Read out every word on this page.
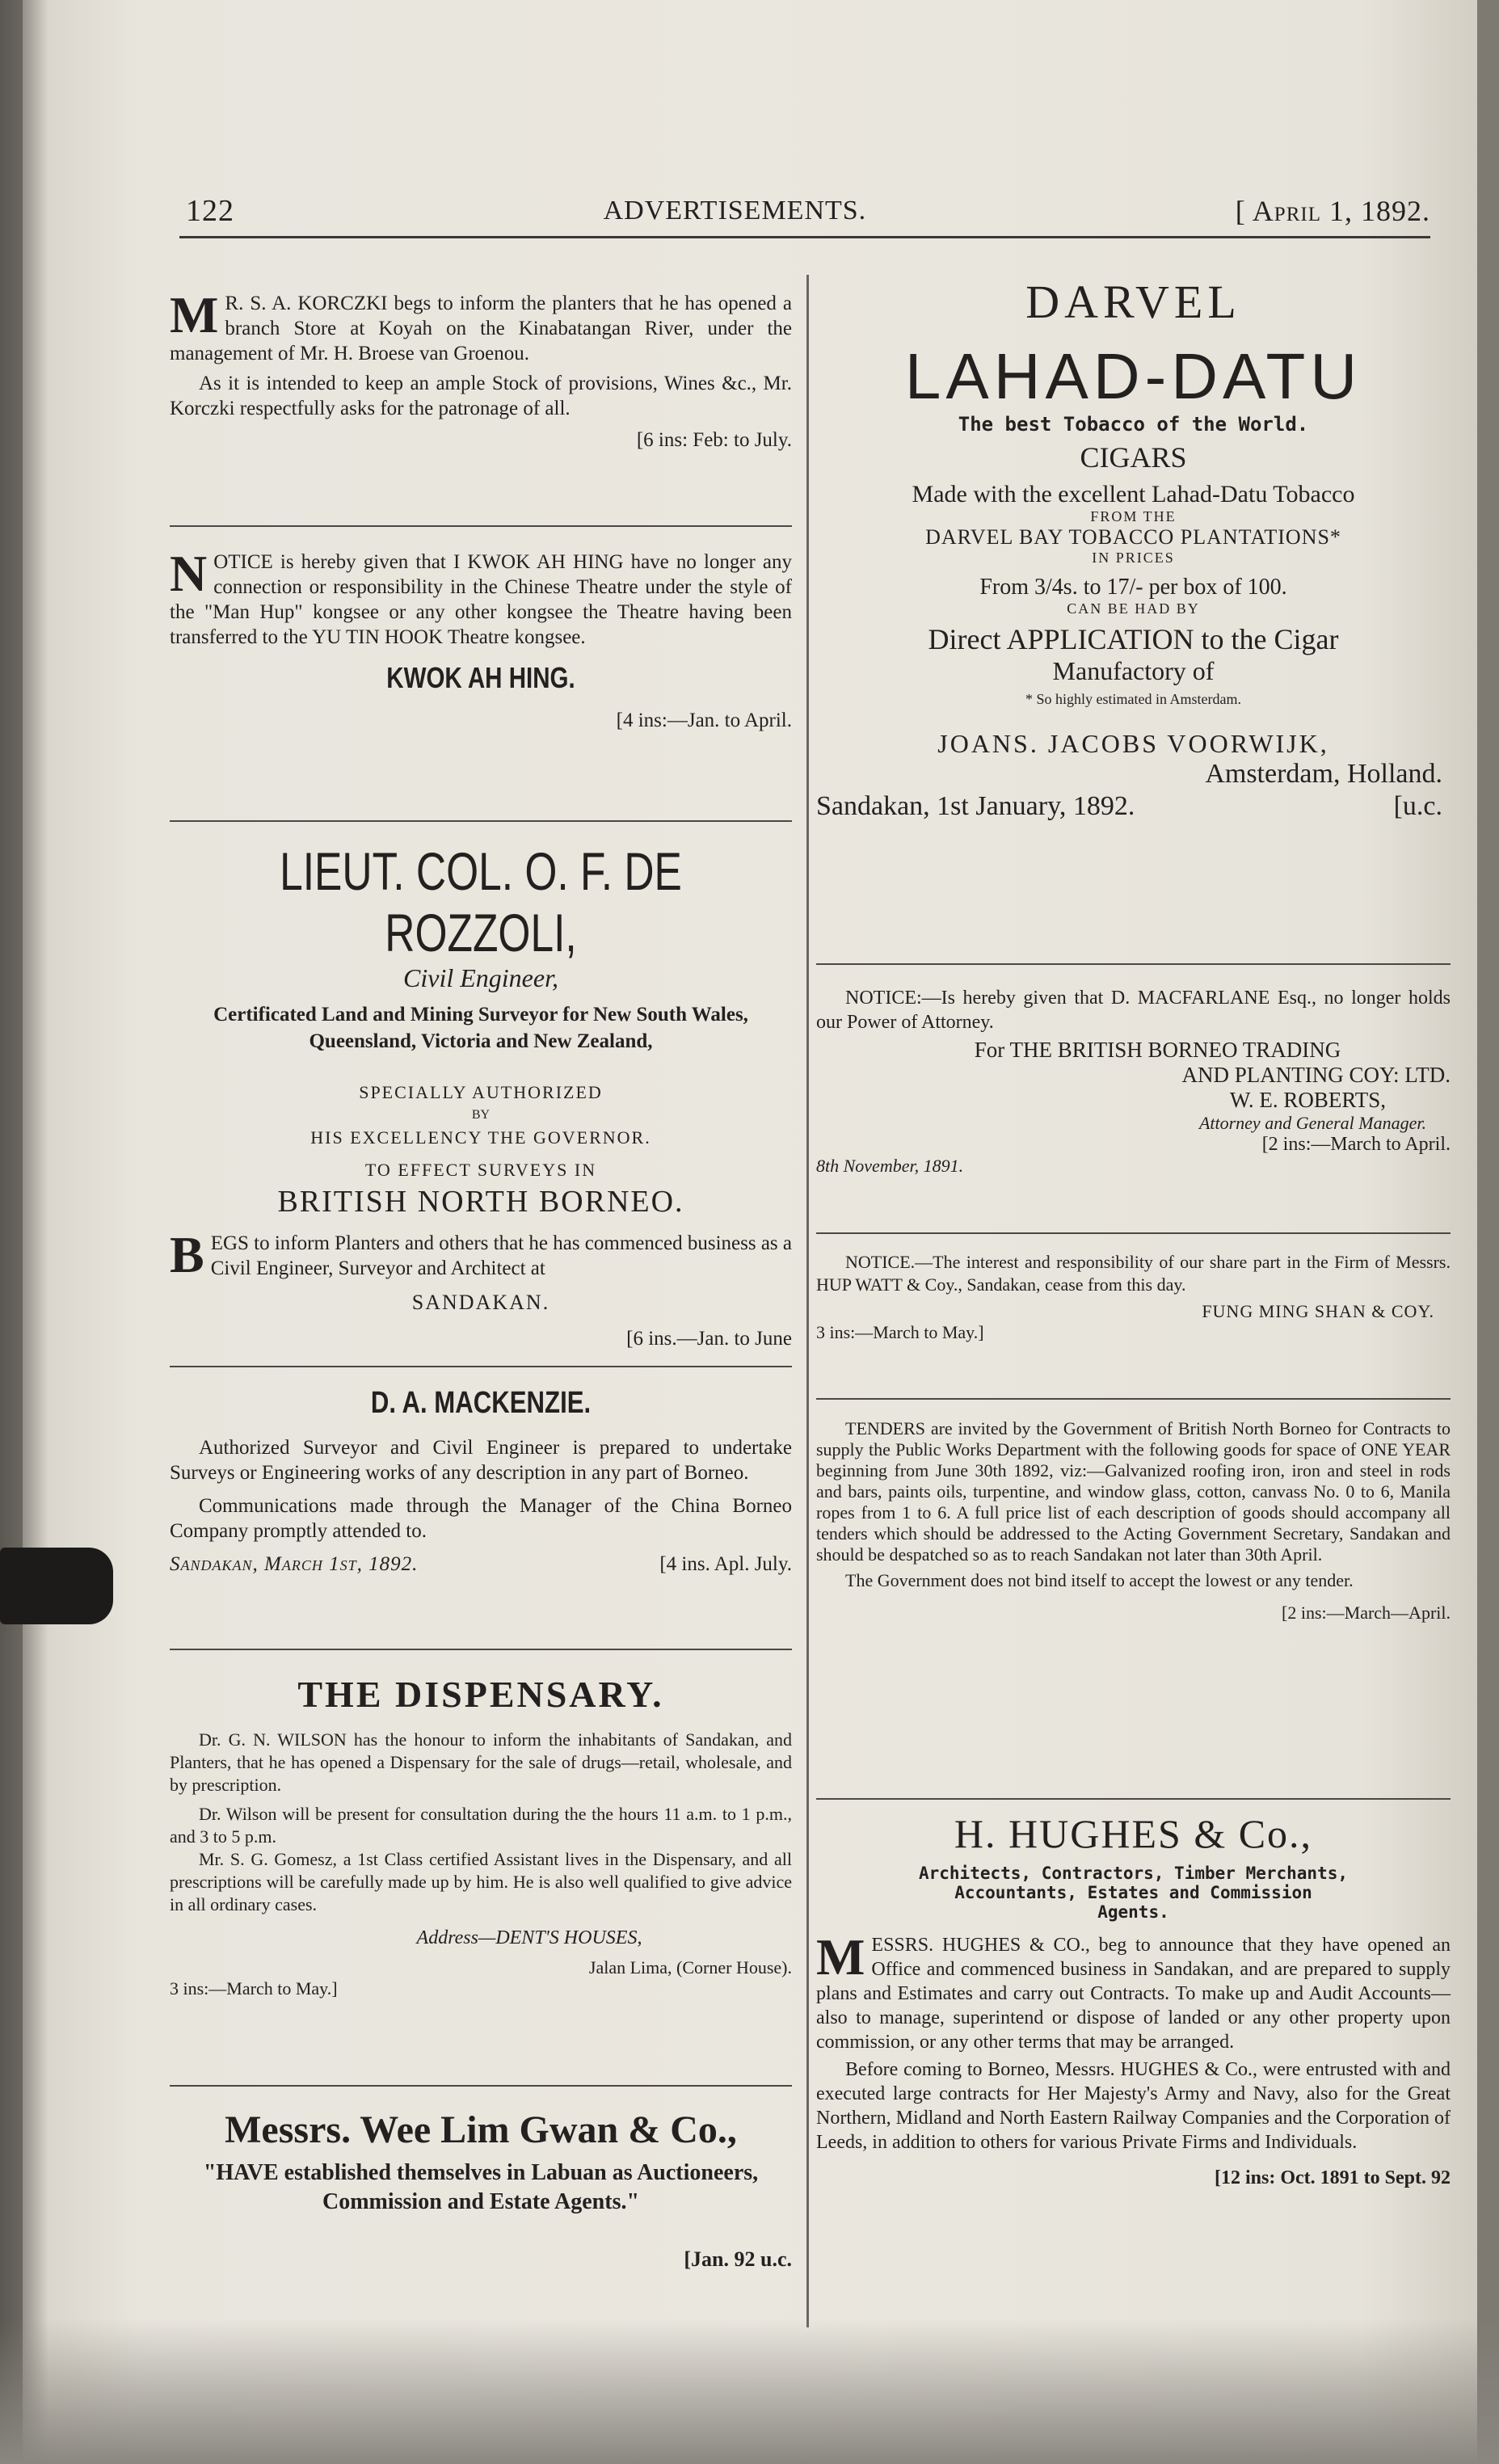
122	ADVERTISEMENTS.	[ April 1, 1892.

M R. S. A. KORCZKI begs to inform the planters that he has opened a branch Store at Koyah on the Kinabatangan River, under the management of Mr. H. Broese van Groenou.

As it is intended to keep an ample Stock of provisions, Wines &c., Mr. Korczki respectfully asks for the patronage of all.

[6 ins: Feb: to July.

NOTICE is hereby given that I KWOK AH HING have no longer any connection or responsibility in the Chinese Theatre under the style of the "Man Hup" kongsee or any other kongsee the Theatre having been transferred to the YU TIN HOOK Theatre kongsee.

KWOK AH HING.

[4 ins:—Jan. to April.

LIEUT. COL. O. F. DE ROZZOLI,

Civil Engineer,

Certificated Land and Mining Surveyor for New South Wales, Queensland, Victoria and New Zealand,

SPECIALLY AUTHORIZED

BY

HIS EXCELLENCY THE GOVERNOR.

TO EFFECT SURVEYS IN

BRITISH NORTH BORNEO.

BEGS to inform Planters and others that he has commenced business as a Civil Engineer, Surveyor and Architect at

SANDAKAN.

[6 ins.—Jan. to June

D. A. MACKENZIE.

Authorized Surveyor and Civil Engineer is prepared to undertake Surveys or Engineering works of any description in any part of Borneo.

Communications made through the Manager of the China Borneo Company promptly attended to.

Sandakan, March 1st, 1892.	[4 ins. Apl. July.

THE DISPENSARY.

Dr. G. N. WILSON has the honour to inform the inhabitants of Sandakan, and Planters, that he has opened a Dispensary for the sale of drugs—retail, wholesale, and by prescription.

Dr. Wilson will be present for consultation during the the hours 11 a.m. to 1 p.m., and 3 to 5 p.m.

Mr. S. G. Gomesz, a 1st Class certified Assistant lives in the Dispensary, and all prescriptions will be carefully made up by him. He is also well qualified to give advice in all ordinary cases.

Address—DENT'S HOUSES,

Jalan Lima, (Corner House).

3 ins:—March to May.]

Messrs. Wee Lim Gwan & Co.,

"HAVE established themselves in Labuan as Auctioneers, Commission and Estate Agents."

[Jan. 92 u.c.

DARVEL

LAHAD-DATU

The best Tobacco of the World.

CIGARS

Made with the excellent Lahad-Datu Tobacco

FROM THE

DARVEL BAY TOBACCO PLANTATIONS*

IN PRICES

From 3/4s. to 17/- per box of 100.

CAN BE HAD BY

Direct APPLICATION to the Cigar

Manufactory of

* So highly estimated in Amsterdam.

JOANS. JACOBS VOORWIJK,

Amsterdam, Holland.

Sandakan, 1st January, 1892.	[u.c.

NOTICE:—Is hereby given that D. MACFARLANE Esq., no longer holds our Power of Attorney.

For THE BRITISH BORNEO TRADING

AND PLANTING COY: LTD.

W. E. ROBERTS,

Attorney and General Manager.

[2 ins:—March to April.

8th November, 1891.

NOTICE.—The interest and responsibility of our share part in the Firm of Messrs. HUP WATT & Coy., Sandakan, cease from this day.

FUNG MING SHAN & COY.

3 ins:—March to May.]

TENDERS are invited by the Government of British North Borneo for Contracts to supply the Public Works Department with the following goods for space of ONE YEAR beginning from June 30th 1892, viz:—Galvanized roofing iron, iron and steel in rods and bars, paints oils, turpentine, and window glass, cotton, canvass No. 0 to 6, Manila ropes from 1 to 6. A full price list of each description of goods should accompany all tenders which should be addressed to the Acting Government Secretary, Sandakan and should be despatched so as to reach Sandakan not later than 30th April.

The Government does not bind itself to accept the lowest or any tender.

[2 ins:—March—April.

H. HUGHES & Co.,

Architects, Contractors, Timber Merchants,

Accountants, Estates and Commission

Agents.

MESSRS. HUGHES & CO., beg to announce that they have opened an Office and commenced business in Sandakan, and are prepared to supply plans and Estimates and carry out Contracts. To make up and Audit Accounts—also to manage, superintend or dispose of landed or any other property upon commission, or any other terms that may be arranged.

Before coming to Borneo, Messrs. HUGHES & Co., were entrusted with and executed large contracts for Her Majesty's Army and Navy, also for the Great Northern, Midland and North Eastern Railway Companies and the Corporation of Leeds, in addition to others for various Private Firms and Individuals.

[12 ins: Oct. 1891 to Sept. 92
